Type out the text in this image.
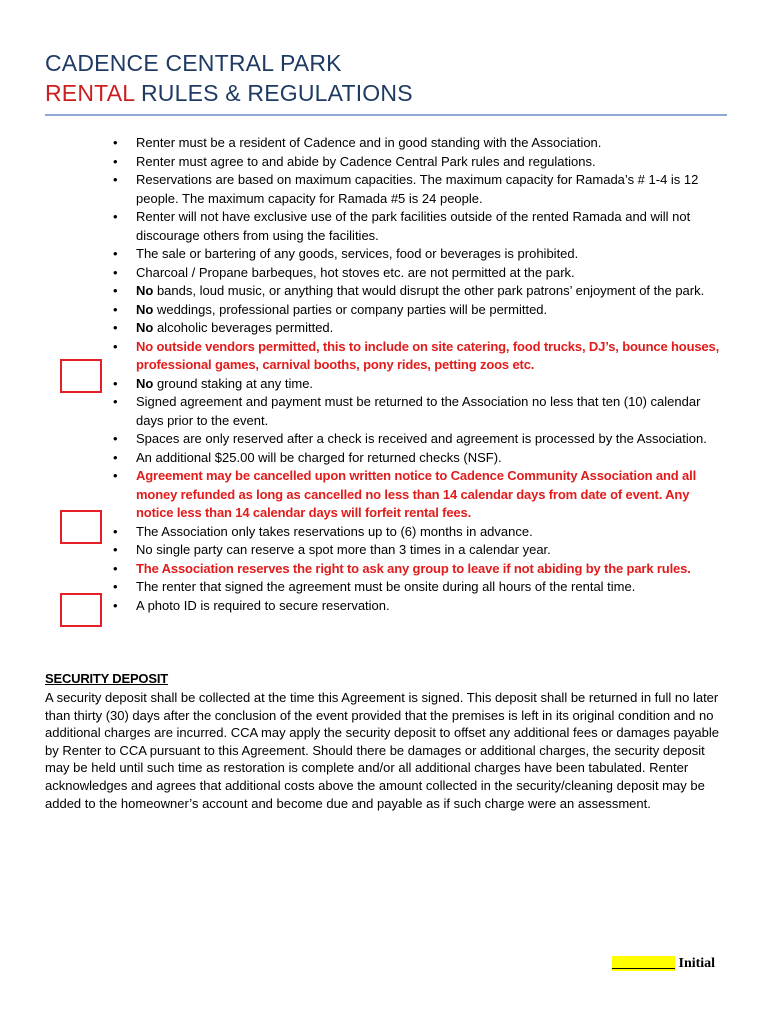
CADENCE CENTRAL PARK
RENTAL RULES & REGULATIONS
• Renter must be a resident of Cadence and in good standing with the Association.
• Renter must agree to and abide by Cadence Central Park rules and regulations.
• Reservations are based on maximum capacities. The maximum capacity for Ramada’s # 1-4 is 12 people. The maximum capacity for Ramada #5 is 24 people.
• Renter will not have exclusive use of the park facilities outside of the rented Ramada and will not discourage others from using the facilities.
• The sale or bartering of any goods, services, food or beverages is prohibited.
• Charcoal / Propane barbeques, hot stoves etc. are not permitted at the park.
• No bands, loud music, or anything that would disrupt the other park patrons’ enjoyment of the park.
• No weddings, professional parties or company parties will be permitted.
• No alcoholic beverages permitted.
• No outside vendors permitted, this to include on site catering, food trucks, DJ’s, bounce houses, professional games, carnival booths, pony rides, petting zoos etc.
• No ground staking at any time.
• Signed agreement and payment must be returned to the Association no less that ten (10) calendar days prior to the event.
• Spaces are only reserved after a check is received and agreement is processed by the Association.
• An additional $25.00 will be charged for returned checks (NSF).
• Agreement may be cancelled upon written notice to Cadence Community Association and all money refunded as long as cancelled no less than 14 calendar days from date of event. Any notice less than 14 calendar days will forfeit rental fees.
• The Association only takes reservations up to (6) months in advance.
• No single party can reserve a spot more than 3 times in a calendar year.
• The Association reserves the right to ask any group to leave if not abiding by the park rules.
• The renter that signed the agreement must be onsite during all hours of the rental time.
• A photo ID is required to secure reservation.
SECURITY DEPOSIT

A security deposit shall be collected at the time this Agreement is signed. This deposit shall be returned in full no later than thirty (30) days after the conclusion of the event provided that the premises is left in its original condition and no additional charges are incurred. CCA may apply the security deposit to offset any additional fees or damages payable by Renter to CCA pursuant to this Agreement. Should there be damages or additional charges, the security deposit may be held until such time as restoration is complete and/or all additional charges have been tabulated. Renter acknowledges and agrees that additional costs above the amount collected in the security/cleaning deposit may be added to the homeowner’s account and become due and payable as if such charge were an assessment.

_________ Initial
